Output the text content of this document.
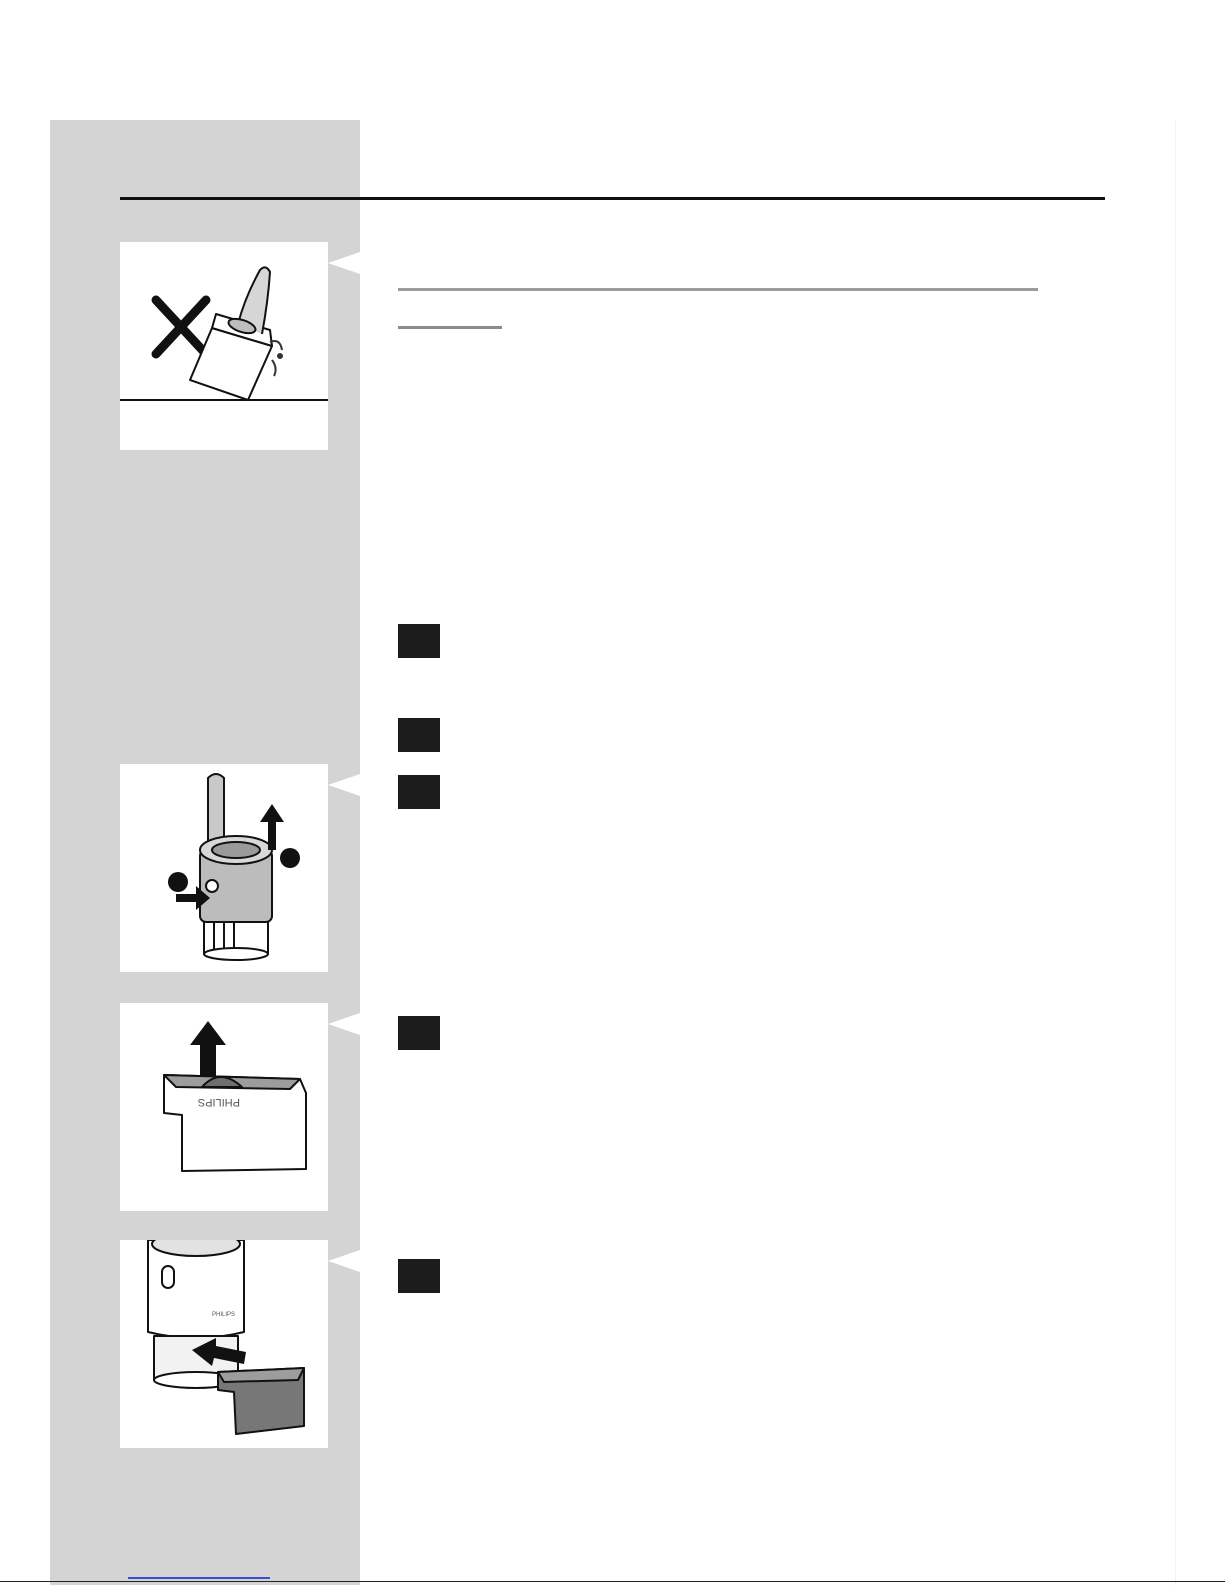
PHILIPS
PHILIPS
